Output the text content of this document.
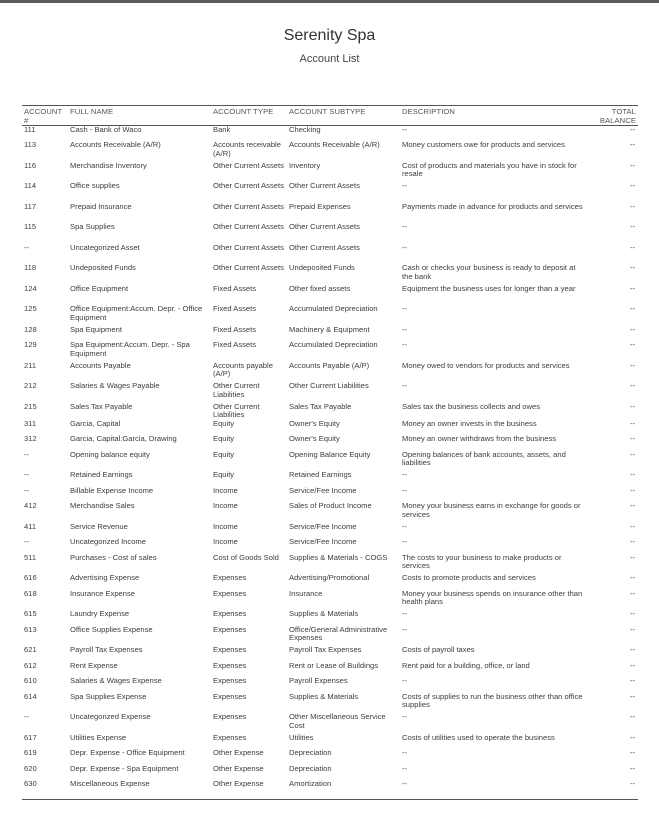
Serenity Spa
Account List
ACCOUNT #	FULL NAME	ACCOUNT TYPE	ACCOUNT SUBTYPE	DESCRIPTION	TOTAL BALANCE
111	Cash - Bank of Waco	Bank	Checking	--	--
113	Accounts Receivable (A/R)	Accounts receivable (A/R)	Accounts Receivable (A/R)	Money customers owe for products and services	--
116	Merchandise Inventory	Other Current Assets	Inventory	Cost of products and materials you have in stock for resale	--
114	Office supplies	Other Current Assets	Other Current Assets	--	--
117	Prepaid Insurance	Other Current Assets	Prepaid Expenses	Payments made in advance for products and services	--
115	Spa Supplies	Other Current Assets	Other Current Assets	--	--
--	Uncategorized Asset	Other Current Assets	Other Current Assets	--	--
118	Undeposited Funds	Other Current Assets	Undeposited Funds	Cash or checks your business is ready to deposit at the bank	--
124	Office Equipment	Fixed Assets	Other fixed assets	Equipment the business uses for longer than a year	--
125	Office Equipment:Accum. Depr. - Office Equipment	Fixed Assets	Accumulated Depreciation	--	--
128	Spa Equipment	Fixed Assets	Machinery & Equipment	--	--
129	Spa Equipment:Accum. Depr. - Spa Equipment	Fixed Assets	Accumulated Depreciation	--	--
211	Accounts Payable	Accounts payable (A/P)	Accounts Payable (A/P)	Money owed to vendors for products and services	--
212	Salaries & Wages Payable	Other Current Liabilities	Other Current Liabilities	--	--
215	Sales Tax Payable	Other Current Liabilities	Sales Tax Payable	Sales tax the business collects and owes	--
311	Garcia, Capital	Equity	Owner's Equity	Money an owner invests in the business	--
312	Garcia, Capital:Garcia, Drawing	Equity	Owner's Equity	Money an owner withdraws from the business	--
--	Opening balance equity	Equity	Opening Balance Equity	Opening balances of bank accounts, assets, and liabilities	--
--	Retained Earnings	Equity	Retained Earnings	--	--
--	Billable Expense Income	Income	Service/Fee Income	--	--
412	Merchandise Sales	Income	Sales of Product Income	Money your business earns in exchange for goods or services	--
411	Service Revenue	Income	Service/Fee Income	--	--
--	Uncategorized Income	Income	Service/Fee Income	--	--
511	Purchases - Cost of sales	Cost of Goods Sold	Supplies & Materials - COGS	The costs to your business to make products or services	--
616	Advertising Expense	Expenses	Advertising/Promotional	Costs to promote products and services	--
618	Insurance Expense	Expenses	Insurance	Money your business spends on insurance other than health plans	--
615	Laundry Expense	Expenses	Supplies & Materials	--	--
613	Office Supplies Expense	Expenses	Office/General Administrative Expenses	--	--
621	Payroll Tax Expenses	Expenses	Payroll Tax Expenses	Costs of payroll taxes	--
612	Rent Expense	Expenses	Rent or Lease of Buildings	Rent paid for a building, office, or land	--
610	Salaries & Wages Expense	Expenses	Payroll Expenses	--	--
614	Spa Supplies Expense	Expenses	Supplies & Materials	Costs of supplies to run the business other than office supplies	--
--	Uncategorized Expense	Expenses	Other Miscellaneous Service Cost	--	--
617	Utilities Expense	Expenses	Utilities	Costs of utilities used to operate the business	--
619	Depr. Expense - Office Equipment	Other Expense	Depreciation	--	--
620	Depr. Expense - Spa Equipment	Other Expense	Depreciation	--	--
630	Miscellaneous Expense	Other Expense	Amortization	--	--
